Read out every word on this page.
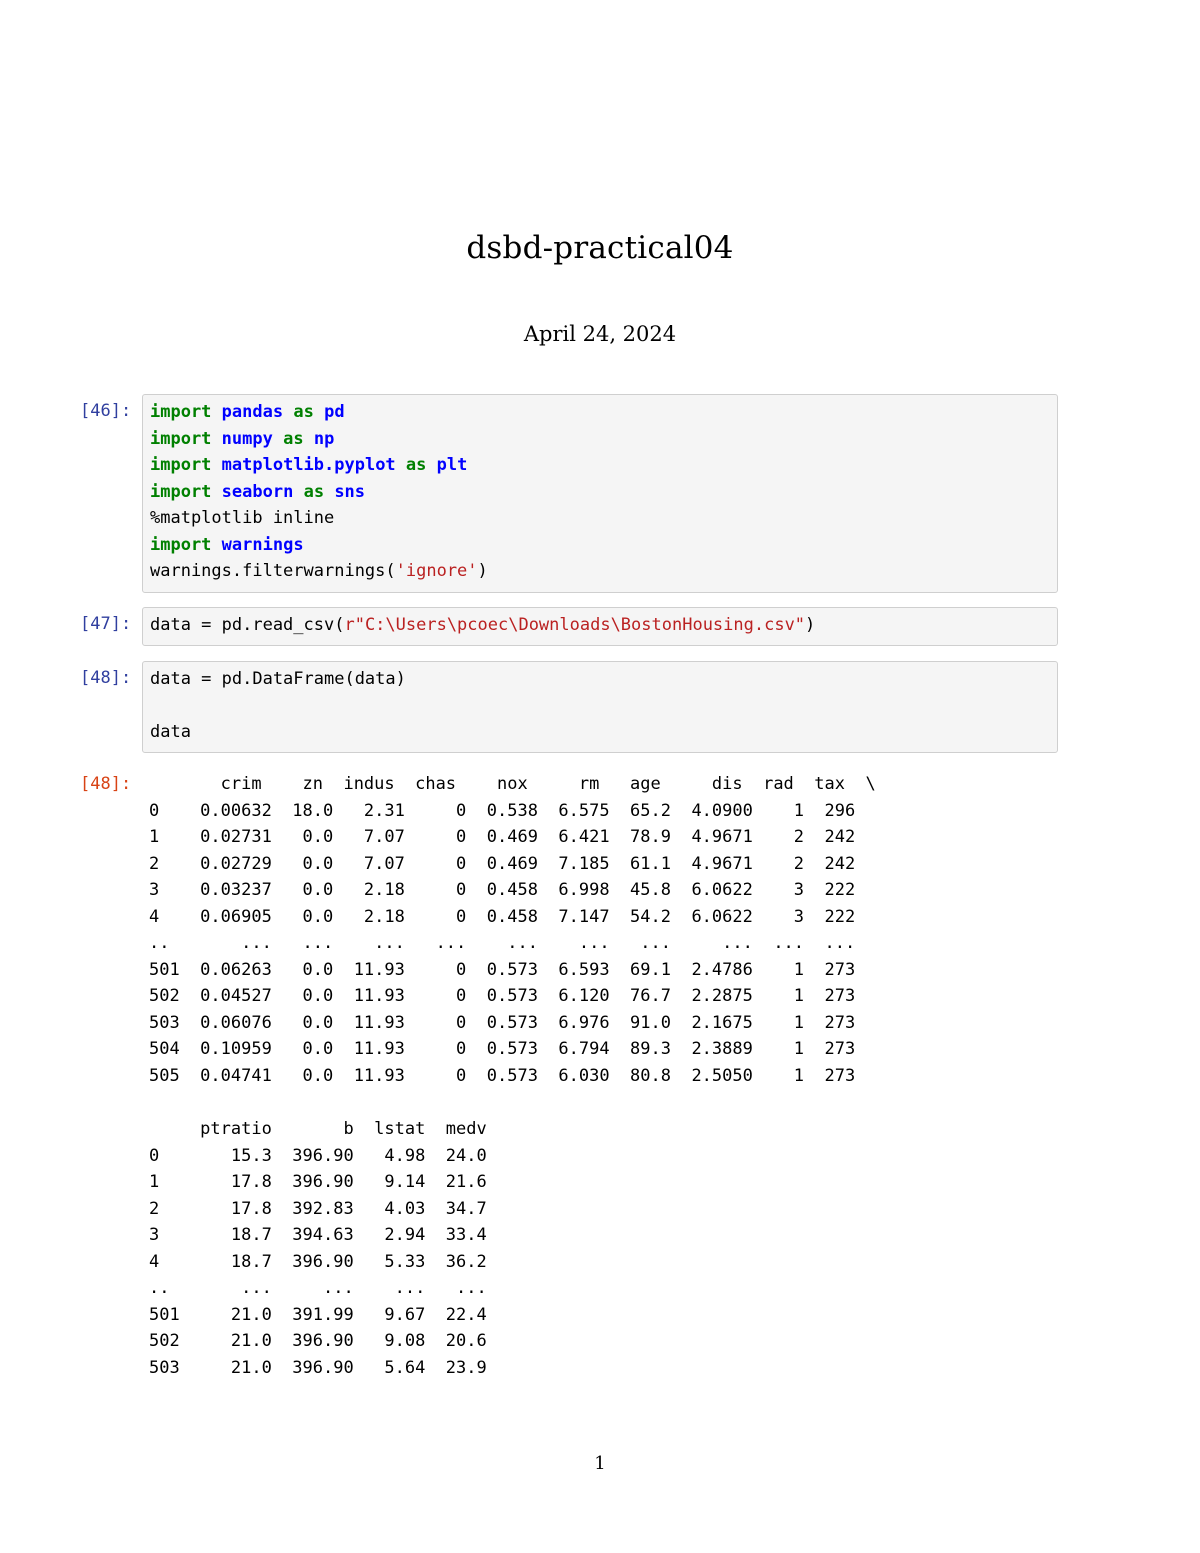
dsbd-practical04
April 24, 2024
[46]:	import pandas as pd
import numpy as np
import matplotlib.pyplot as plt
import seaborn as sns
%matplotlib inline
import warnings
warnings.filterwarnings('ignore')
[47]:	data = pd.read_csv(r"C:\Users\pcoec\Downloads\BostonHousing.csv")
[48]:	data = pd.DataFrame(data)

data
[48]:	crim    zn  indus  chas    nox     rm   age     dis  rad  tax  \
0    0.00632  18.0   2.31     0  0.538  6.575  65.2  4.0900    1  296
1    0.02731   0.0   7.07     0  0.469  6.421  78.9  4.9671    2  242
2    0.02729   0.0   7.07     0  0.469  7.185  61.1  4.9671    2  242
3    0.03237   0.0   2.18     0  0.458  6.998  45.8  6.0622    3  222
4    0.06905   0.0   2.18     0  0.458  7.147  54.2  6.0622    3  222
..       ...   ...    ...   ...    ...    ...   ...     ...  ...  ...
501  0.06263   0.0  11.93     0  0.573  6.593  69.1  2.4786    1  273
502  0.04527   0.0  11.93     0  0.573  6.120  76.7  2.2875    1  273
503  0.06076   0.0  11.93     0  0.573  6.976  91.0  2.1675    1  273
504  0.10959   0.0  11.93     0  0.573  6.794  89.3  2.3889    1  273
505  0.04741   0.0  11.93     0  0.573  6.030  80.8  2.5050    1  273
ptratio       b  lstat  medv
0       15.3  396.90   4.98  24.0
1       17.8  396.90   9.14  21.6
2       17.8  392.83   4.03  34.7
3       18.7  394.63   2.94  33.4
4       18.7  396.90   5.33  36.2
..       ...     ...    ...   ...
501     21.0  391.99   9.67  22.4
502     21.0  396.90   9.08  20.6
503     21.0  396.90   5.64  23.9
1
